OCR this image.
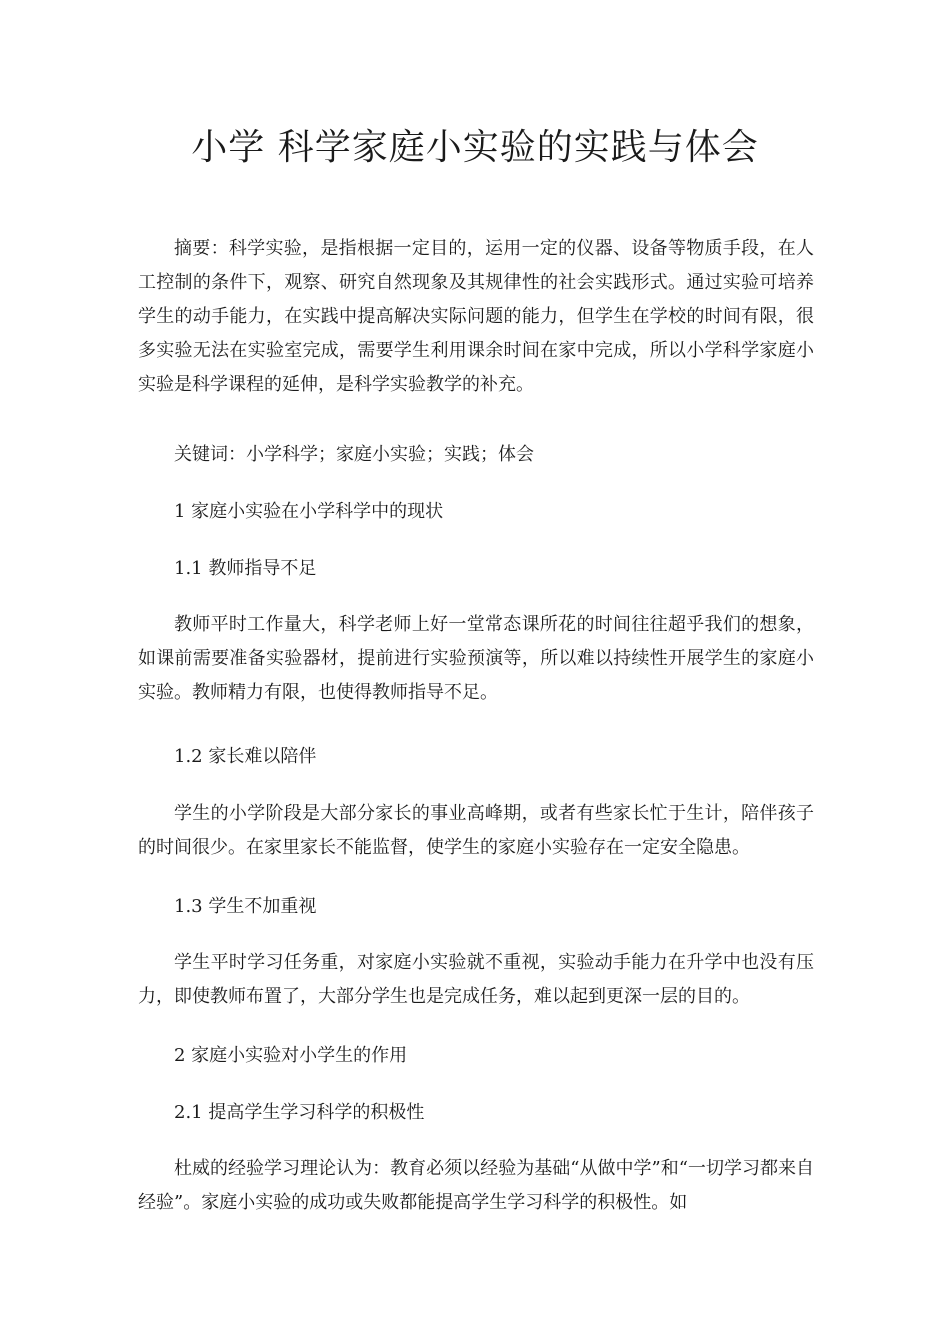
小学 科学家庭小实验的实践与体会

摘要：科学实验，是指根据一定目的，运用一定的仪器、设备等物质手段，在人工控制的条件下，观察、研究自然现象及其规律性的社会实践形式。通过实验可培养学生的动手能力，在实践中提高解决实际问题的能力，但学生在学校的时间有限，很多实验无法在实验室完成，需要学生利用课余时间在家中完成，所以小学科学家庭小实验是科学课程的延伸，是科学实验教学的补充。

关键词：小学科学；家庭小实验；实践；体会

1 家庭小实验在小学科学中的现状

1.1 教师指导不足

教师平时工作量大，科学老师上好一堂常态课所花的时间往往超乎我们的想象，如课前需要准备实验器材，提前进行实验预演等，所以难以持续性开展学生的家庭小实验。教师精力有限，也使得教师指导不足。

1.2 家长难以陪伴

学生的小学阶段是大部分家长的事业高峰期，或者有些家长忙于生计，陪伴孩子的时间很少。在家里家长不能监督，使学生的家庭小实验存在一定安全隐患。

1.3 学生不加重视

学生平时学习任务重，对家庭小实验就不重视，实验动手能力在升学中也没有压力，即使教师布置了，大部分学生也是完成任务，难以起到更深一层的目的。

2 家庭小实验对小学生的作用

2.1 提高学生学习科学的积极性

杜威的经验学习理论认为：教育必须以经验为基础“从做中学”和“一切学习都来自经验”。家庭小实验的成功或失败都能提高学生学习科学的积极性。如
